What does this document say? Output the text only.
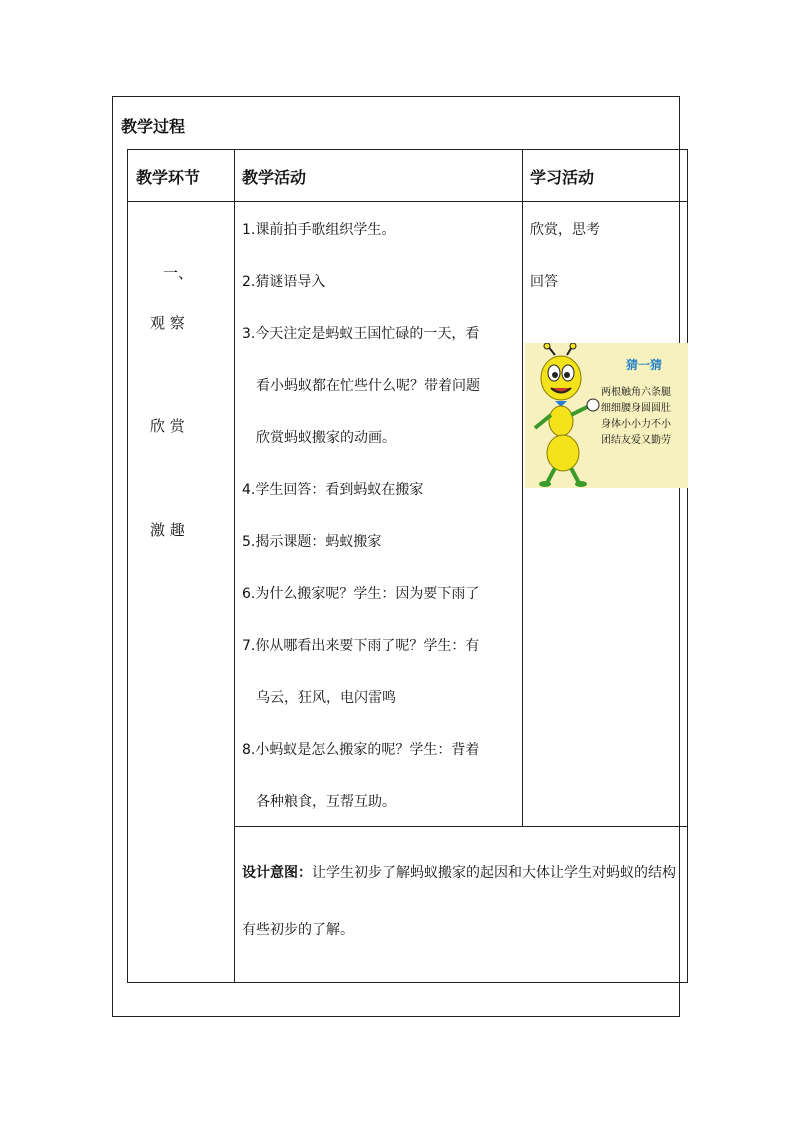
教学过程
教学环节	教学活动	学习活动
一、
观 察
欣 赏
激 趣
1.课前拍手歌组织学生。
2.猜谜语导入
3.今天注定是蚂蚁王国忙碌的一天，看
看小蚂蚁都在忙些什么呢？带着问题
欣赏蚂蚁搬家的动画。
4.学生回答：看到蚂蚁在搬家
5.揭示课题：蚂蚁搬家
6.为什么搬家呢？学生：因为要下雨了
7.你从哪看出来要下雨了呢？学生：有
乌云，狂风，电闪雷鸣
8.小蚂蚁是怎么搬家的呢？学生：背着
各种粮食，互帮互助。
欣赏，思考
回答
猜一猜
两根触角六条腿
细细腰身圆圆肚
身体小小力不小
团结友爱又勤劳
设计意图：让学生初步了解蚂蚁搬家的起因和大体让学生对蚂蚁的结构有些初步的了解。
